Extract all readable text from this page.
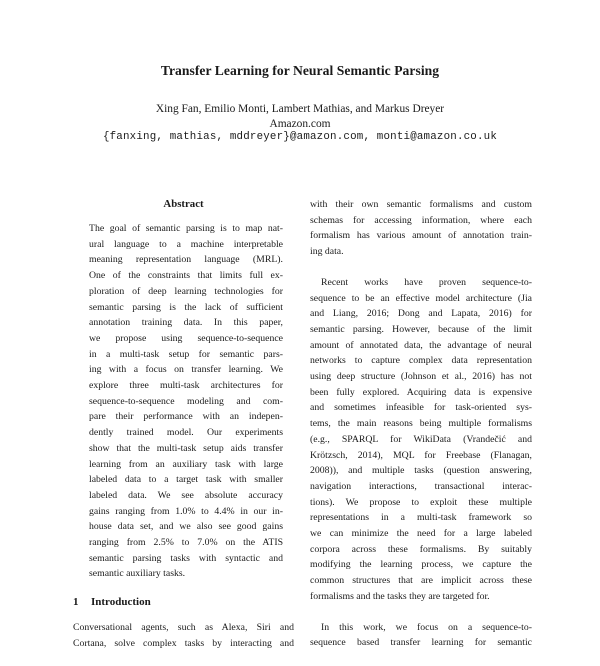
Transfer Learning for Neural Semantic Parsing
Xing Fan, Emilio Monti, Lambert Mathias, and Markus Dreyer
Amazon.com
{fanxing, mathias, mddreyer}@amazon.com, monti@amazon.co.uk
Abstract
The goal of semantic parsing is to map nat-
ural language to a machine interpretable
meaning representation language (MRL).
One of the constraints that limits full ex-
ploration of deep learning technologies for
semantic parsing is the lack of sufficient
annotation training data. In this paper,
we propose using sequence-to-sequence
in a multi-task setup for semantic pars-
ing with a focus on transfer learning. We
explore three multi-task architectures for
sequence-to-sequence modeling and com-
pare their performance with an indepen-
dently trained model. Our experiments
show that the multi-task setup aids transfer
learning from an auxiliary task with large
labeled data to a target task with smaller
labeled data. We see absolute accuracy
gains ranging from 1.0% to 4.4% in our in-
house data set, and we also see good gains
ranging from 2.5% to 7.0% on the ATIS
semantic parsing tasks with syntactic and
semantic auxiliary tasks.
1 Introduction
Conversational agents, such as Alexa, Siri and
Cortana, solve complex tasks by interacting and
with their own semantic formalisms and custom
schemas for accessing information, where each
formalism has various amount of annotation train-
ing data.
Recent works have proven sequence-to-
sequence to be an effective model architecture (Jia
and Liang, 2016; Dong and Lapata, 2016) for
semantic parsing. However, because of the limit
amount of annotated data, the advantage of neural
networks to capture complex data representation
using deep structure (Johnson et al., 2016) has not
been fully explored. Acquiring data is expensive
and sometimes infeasible for task-oriented sys-
tems, the main reasons being multiple formalisms
(e.g., SPARQL for WikiData (Vrandečić and
Krötzsch, 2014), MQL for Freebase (Flanagan,
2008)), and multiple tasks (question answering,
navigation interactions, transactional interac-
tions). We propose to exploit these multiple
representations in a multi-task framework so
we can minimize the need for a large labeled
corpora across these formalisms. By suitably
modifying the learning process, we capture the
common structures that are implicit across these
formalisms and the tasks they are targeted for.
In this work, we focus on a sequence-to-
sequence based transfer learning for semantic
